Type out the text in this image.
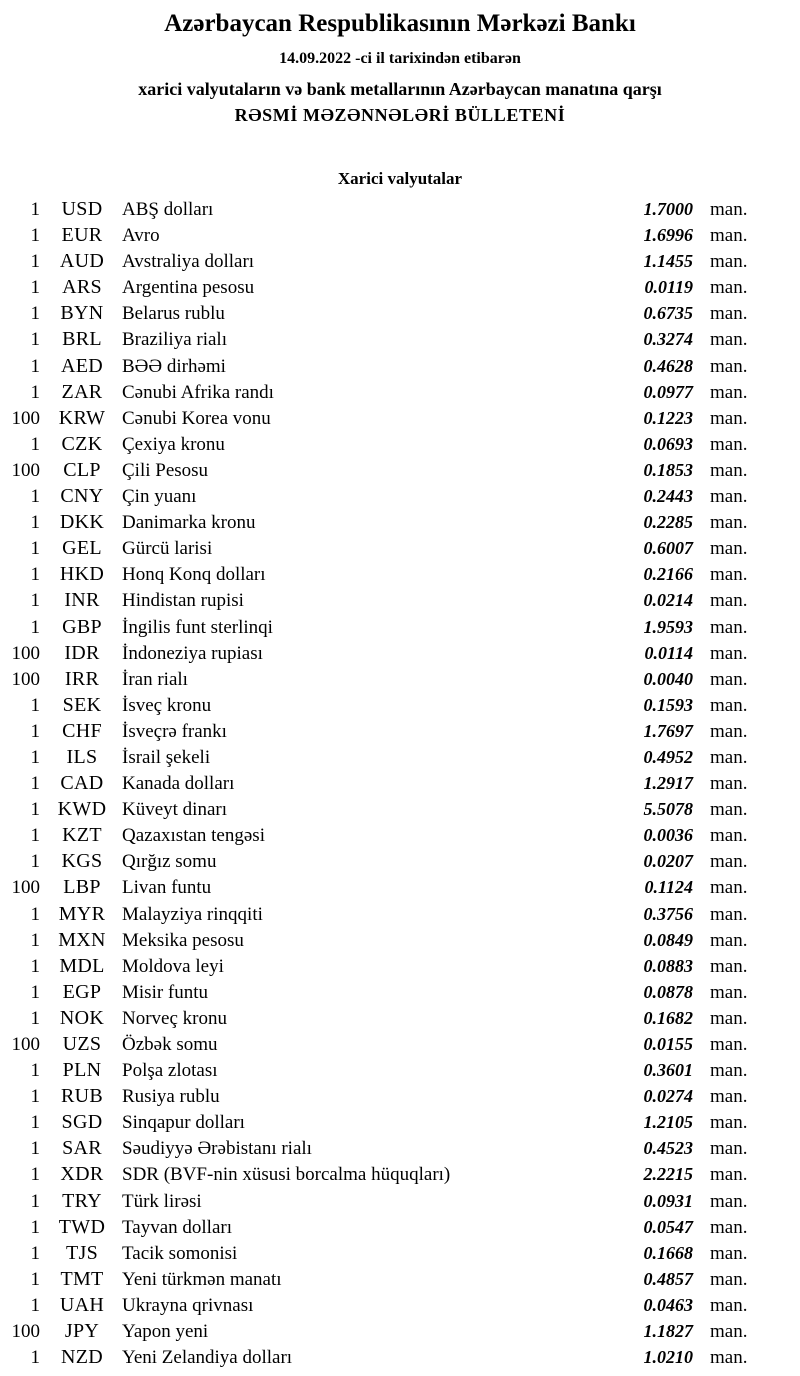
Azərbaycan Respublikasının Mərkəzi Bankı
14.09.2022 -ci il tarixindən etibarən
xarici valyutaların və bank metallarının Azərbaycan manatına qarşı
RƏSMİ MƏZƏNNƏLƏRİ BÜLLETENİ
Xarici valyutalar
1	USD	ABŞ dolları	1.7000 man.
1	EUR	Avro	1.6996 man.
1 AUD Avstraliya dolları	1.1455 man.
1	ARS	Argentina pesosu	0.0119 man.
1	BYN Belarus rublu	0.6735 man.
1	BRL	Braziliya rialı	0.3274 man.
1	AED	BƏƏ dirhəmi	0.4628 man.
1	ZAR	Cənubi Afrika randı	0.0977 man.
100 KRW Cənubi Korea vonu	0.1223 man.
1	CZK	Çexiya kronu	0.0693 man.
100	CLP	Çili Pesosu	0.1853 man.
1	CNY Çin yuanı	0.2443 man.
1 DKK Danimarka kronu	0.2285 man.
1	GEL	Gürcü larisi	0.6007 man.
1 HKD Honq Konq dolları	0.2166 man.
1	INR	Hindistan rupisi	0.0214 man.
1	GBP	İngilis funt sterlinqi	1.9593 man.
100	IDR	İndoneziya rupiası	0.0114 man.
100	IRR	İran rialı	0.0040 man.
1	SEK	İsveç kronu	0.1593 man.
1	CHF	İsveçrə frankı	1.7697 man.
1	ILS	İsrail şekeli	0.4952 man.
1	CAD Kanada dolları	1.2917 man.
1 KWD Küveyt dinarı	5.5078 man.
1	KZT	Qazaxıstan tengəsi	0.0036 man.
1	KGS	Qırğız somu	0.0207 man.
100	LBP	Livan funtu	0.1124 man.
1 MYR Malayziya rinqqiti	0.3756 man.
1 MXN Meksika pesosu	0.0849 man.
1 MDL Moldova leyi	0.0883 man.
1	EGP	Misir funtu	0.0878 man.
1 NOK Norveç kronu	0.1682 man.
100	UZS	Özbək somu	0.0155 man.
1	PLN	Polşa zlotası	0.3601 man.
1	RUB Rusiya rublu	0.0274 man.
1	SGD	Sinqapur dolları	1.2105 man.
1	SAR	Səudiyyə Ərəbistanı rialı	0.4523 man.
1	XDR SDR (BVF-nin xüsusi borcalma hüquqları)	2.2215 man.
1	TRY	Türk lirəsi	0.0931 man.
1 TWD Tayvan dolları	0.0547 man.
1	TJS	Tacik somonisi	0.1668 man.
1	TMT Yeni türkmən manatı	0.4857 man.
1 UAH Ukrayna qrivnası	0.0463 man.
100	JPY	Yapon yeni	1.1827 man.
1	NZD	Yeni Zelandiya dolları	1.0210 man.
